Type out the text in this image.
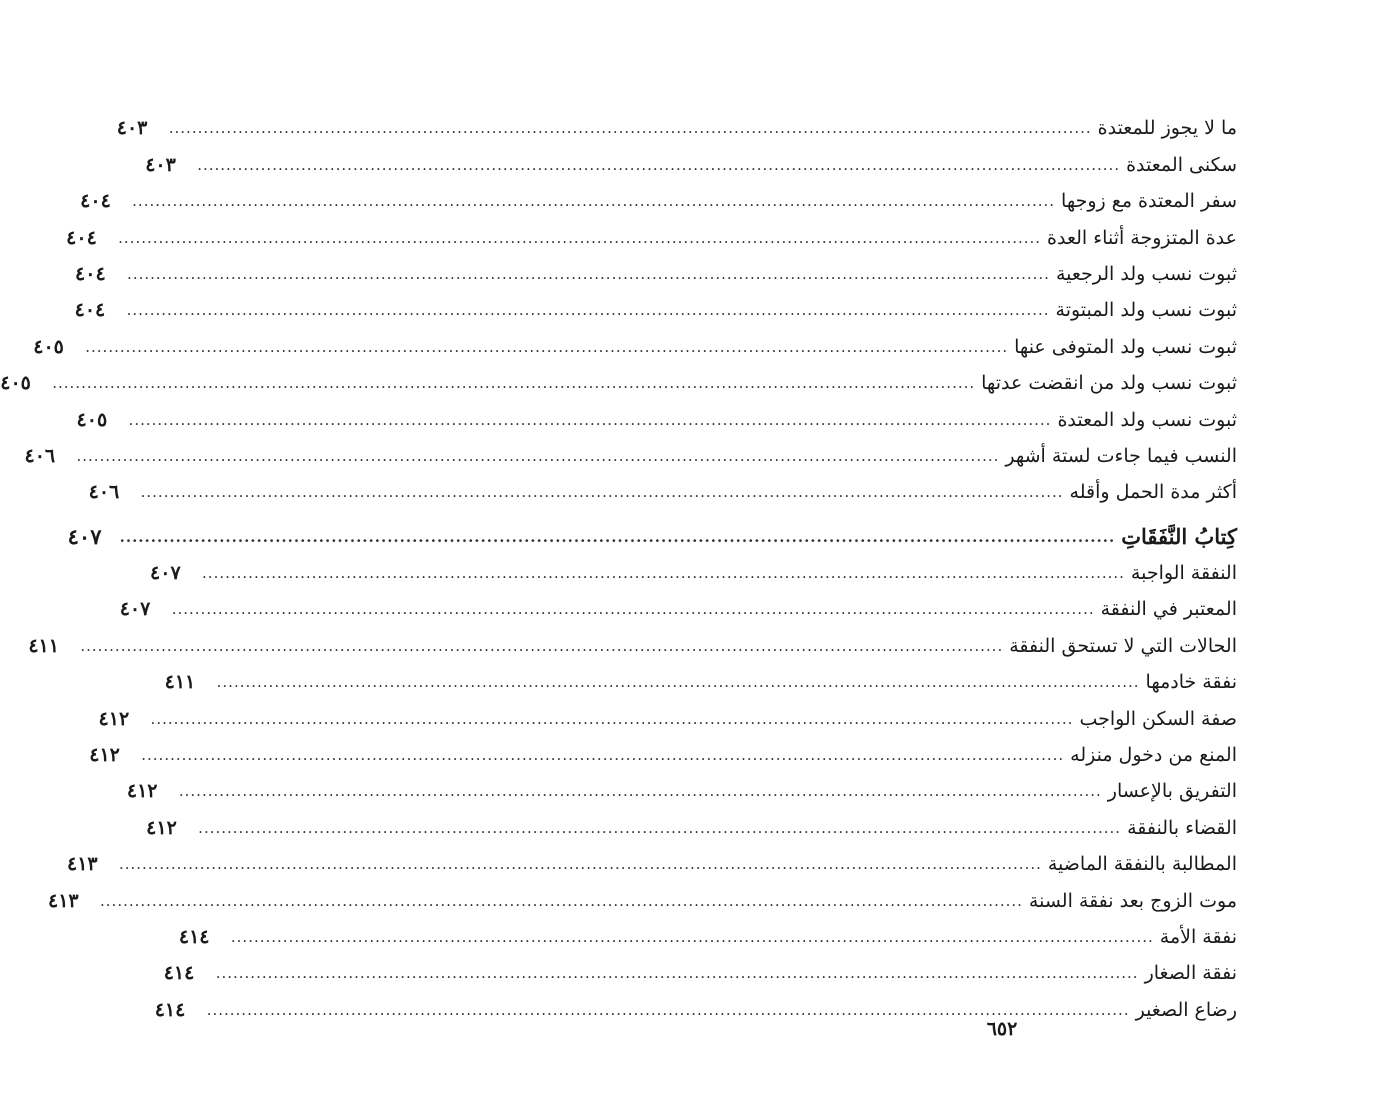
ما لا يجوز للمعتدة
................................................................................................................................................................
٤٠٣
سكنى المعتدة
................................................................................................................................................................
٤٠٣
سفر المعتدة مع زوجها
................................................................................................................................................................
٤٠٤
عدة المتزوجة أثناء العدة
................................................................................................................................................................
٤٠٤
ثبوت نسب ولد الرجعية
................................................................................................................................................................
٤٠٤
ثبوت نسب ولد المبتوتة
................................................................................................................................................................
٤٠٤
ثبوت نسب ولد المتوفى عنها
................................................................................................................................................................
٤٠٥
ثبوت نسب ولد من انقضت عدتها
................................................................................................................................................................
٤٠٥
ثبوت نسب ولد المعتدة
................................................................................................................................................................
٤٠٥
النسب فيما جاءت لستة أشهر
................................................................................................................................................................
٤٠٦
أكثر مدة الحمل وأقله
................................................................................................................................................................
٤٠٦
كِتابُ النَّفَقَاتِ
................................................................................................................................................................
٤٠٧
النفقة الواجبة
................................................................................................................................................................
٤٠٧
المعتبر في النفقة
................................................................................................................................................................
٤٠٧
الحالات التي لا تستحق النفقة
................................................................................................................................................................
٤١١
نفقة خادمها
................................................................................................................................................................
٤١١
صفة السكن الواجب
................................................................................................................................................................
٤١٢
المنع من دخول منزله
................................................................................................................................................................
٤١٢
التفريق بالإعسار
................................................................................................................................................................
٤١٢
القضاء بالنفقة
................................................................................................................................................................
٤١٢
المطالبة بالنفقة الماضية
................................................................................................................................................................
٤١٣
موت الزوج بعد نفقة السنة
................................................................................................................................................................
٤١٣
نفقة الأمة
................................................................................................................................................................
٤١٤
نفقة الصغار
................................................................................................................................................................
٤١٤
رضاع الصغير
................................................................................................................................................................
٤١٤
٦٥٢
